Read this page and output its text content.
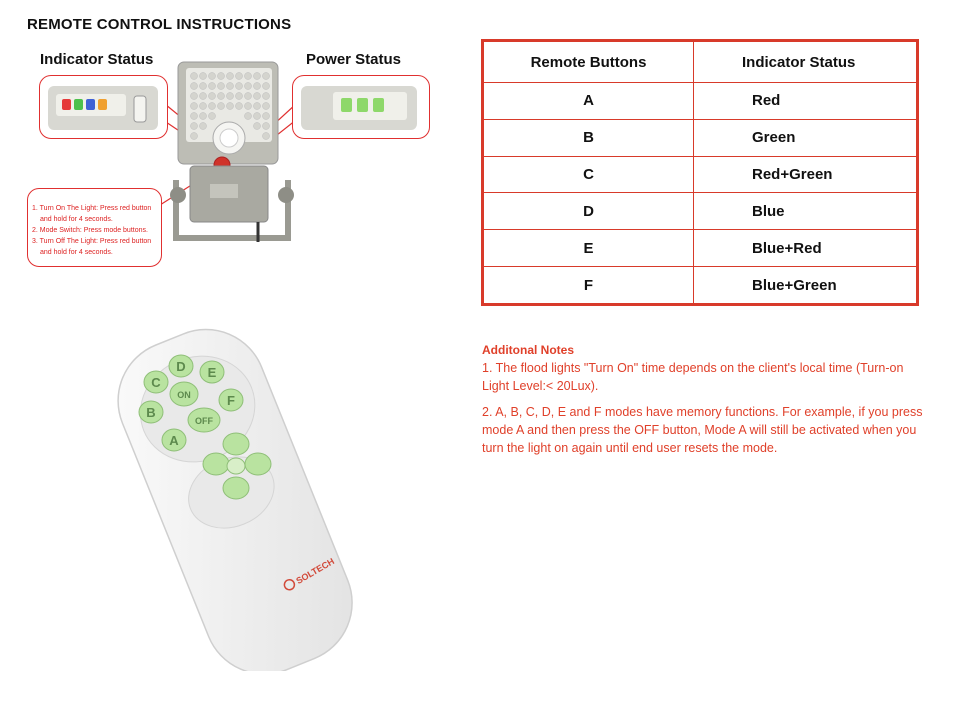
REMOTE CONTROL INSTRUCTIONS
Indicator Status	Power Status
1. Turn On The Light: Press red button
and hold for 4 seconds.
2. Mode Switch: Press mode buttons.
3. Turn Off The Light: Press red button
and hold for 4 seconds.
Remote Buttons	Indicator Status
A	Red
B	Green
C	Red+Green
D	Blue
E	Blue+Red
F	Blue+Green
Additonal Notes

1. The flood lights "Turn On" time depends on the client's local time (Turn-on Light Level:< 20Lux).

2. A, B, C, D, E and F modes have memory functions. For example, if you press mode A and then press the OFF button, Mode A will still be activated when you turn the light on again until end user resets the mode.

D E
C
F
B
A
ON
OFF
SOLTECH
